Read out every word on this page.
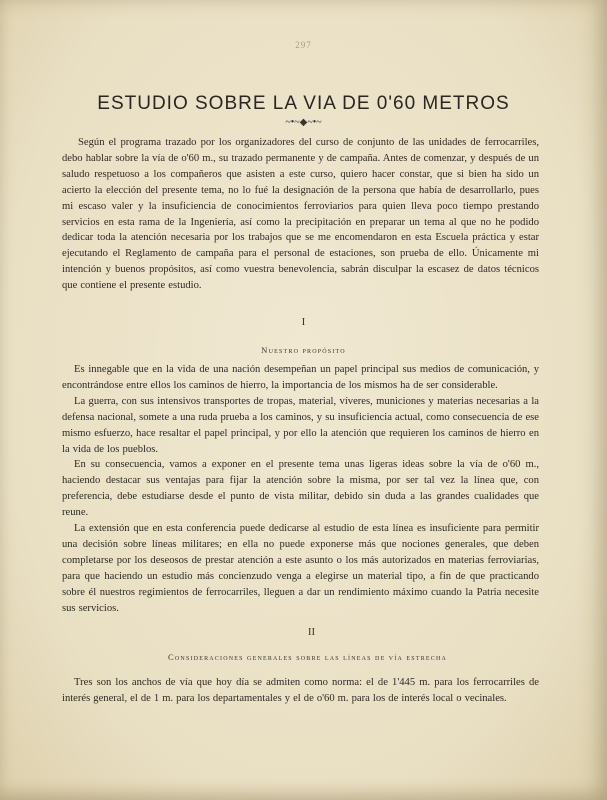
297
ESTUDIO SOBRE LA VIA DE 0'60 METROS
~•~◆~•~

Según el programa trazado por los organizadores del curso de conjunto de las unidades de ferrocarriles, debo hablar sobre la vía de o'60 m., su trazado permanente y de campaña. Antes de comenzar, y después de un saludo respetuoso a los compañeros que asisten a este curso, quiero hacer constar, que si bien ha sido un acierto la elección del presente tema, no lo fué la designación de la persona que había de desarrollarlo, pues mi escaso valer y la insuficiencia de conocimientos ferroviarios para quien lleva poco tiempo prestando servicios en esta rama de la Ingeniería, así como la precipitación en preparar un tema al que no he podido dedicar toda la atención necesaria por los trabajos que se me encomendaron en esta Escuela práctica y estar ejecutando el Reglamento de campaña para el personal de estaciones, son prueba de ello. Únicamente mi intención y buenos propósitos, así como vuestra benevolencia, sabrán disculpar la escasez de datos técnicos que contiene el presente estudio.

I
Nuestro propósito

Es innegable que en la vida de una nación desempeñan un papel principal sus medios de comunicación, y encontrándose entre ellos los caminos de hierro, la importancia de los mismos ha de ser considerable.

La guerra, con sus intensivos transportes de tropas, material, víveres, municiones y materias necesarias a la defensa nacional, somete a una ruda prueba a los caminos, y su insuficiencia actual, como consecuencia de ese mismo esfuerzo, hace resaltar el papel principal, y por ello la atención que requieren los caminos de hierro en la vida de los pueblos.

En su consecuencia, vamos a exponer en el presente tema unas ligeras ideas sobre la vía de o'60 m., haciendo destacar sus ventajas para fijar la atención sobre la misma, por ser tal vez la línea que, con preferencia, debe estudiarse desde el punto de vista militar, debido sin duda a las grandes cualidades que reune.

La extensión que en esta conferencia puede dedicarse al estudio de esta línea es insuficiente para permitir una decisión sobre líneas militares; en ella no puede exponerse más que nociones generales, que deben completarse por los deseosos de prestar atención a este asunto o los más autorizados en materias ferroviarias, para que haciendo un estudio más concienzudo venga a elegirse un material tipo, a fin de que practicando sobre él nuestros regimientos de ferrocarriles, lleguen a dar un rendimiento máximo cuando la Patria necesite sus servicios.

II
Consideraciones generales sobre las líneas de vía estrecha

Tres son los anchos de vía que hoy día se admiten como norma: el de 1'445 m. para los ferrocarriles de interés general, el de 1 m. para los departamentales y el de o'60 m. para los de interés local o vecinales.
